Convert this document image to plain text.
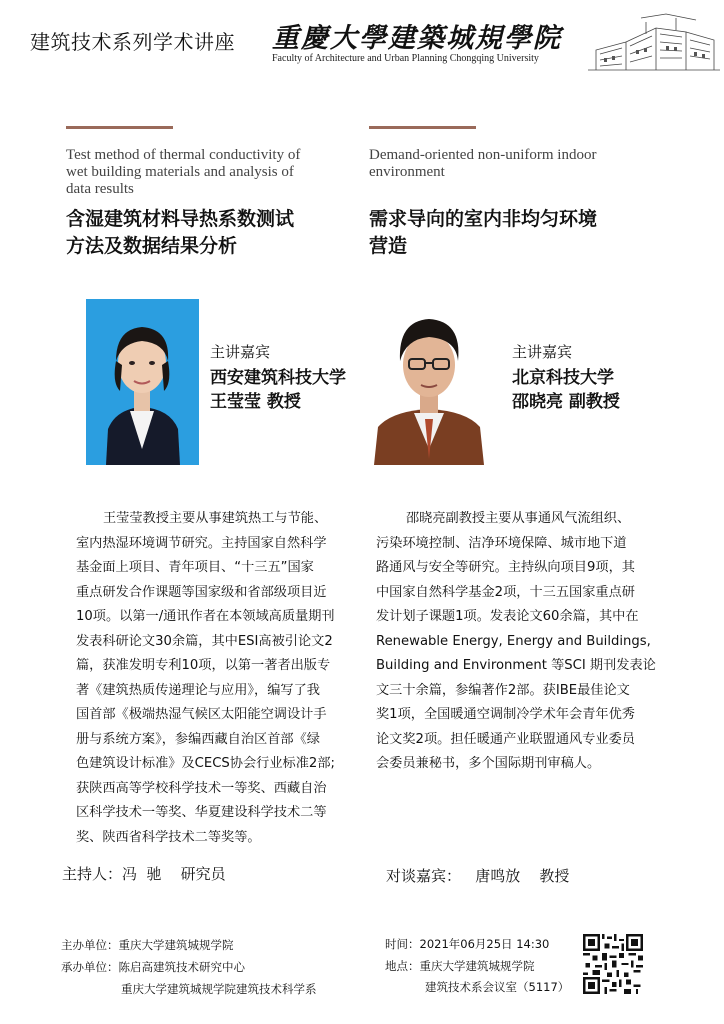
建筑技术系列学术讲座 重慶大學建築城規學院
Faculty of Architecture and Urban Planning Chongqing University
Test method of thermal conductivity of
wet building materials and analysis of
data results
含湿建筑材料导热系数测试
方法及数据结果分析
主讲嘉宾
西安建筑科技大学
王莹莹 教授
王莹莹教授主要从事建筑热工与节能、
室内热湿环境调节研究。主持国家自然科学
基金面上项目、青年项目、“十三五”国家
重点研发合作课题等国家级和省部级项目近
10项。以第一/通讯作者在本领域高质量期刊
发表科研论文30余篇，其中ESI高被引论文2
篇，获准发明专利10项，以第一著者出版专
著《建筑热质传递理论与应用》，编写了我
国首部《极端热湿气候区太阳能空调设计手
册与系统方案》，参编西藏自治区首部《绿
色建筑设计标准》及CECS协会行业标准2部;
获陕西高等学校科学技术一等奖、西藏自治
区科学技术一等奖、华夏建设科学技术二等
奖、陕西省科学技术二等奖等。
Demand-oriented non-uniform indoor
environment
需求导向的室内非均匀环境
营造
主讲嘉宾
北京科技大学
邵晓亮 副教授
邵晓亮副教授主要从事通风气流组织、
污染环境控制、洁净环境保障、城市地下道
路通风与安全等研究。主持纵向项目9项，其
中国家自然科学基金2项，十三五国家重点研
发计划子课题1项。发表论文60余篇，其中在
Renewable Energy, Energy and Buildings,
Building and Environment 等SCI 期刊发表论
文三十余篇，参编著作2部。获IBE最佳论文
奖1项，全国暖通空调制冷学术年会青年优秀
论文奖2项。担任暖通产业联盟通风专业委员
会委员兼秘书，多个国际期刊审稿人。
主持人：冯  驰    研究员	对谈嘉宾：   唐鸣放    教授
主办单位：重庆大学建筑城规学院
承办单位：陈启高建筑技术研究中心
重庆大学建筑城规学院建筑技术科学系
时间：2021年06月25日 14:30
地点：重庆大学建筑城规学院
建筑技术系会议室（5117）
